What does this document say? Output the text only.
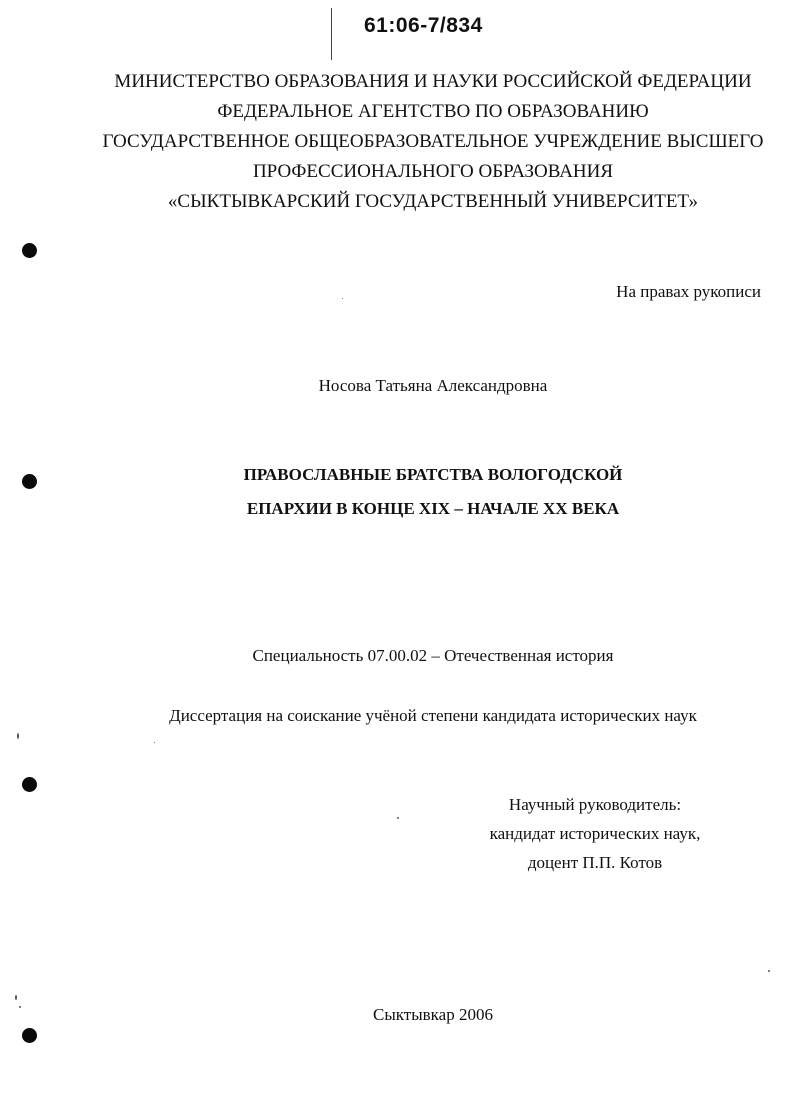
61:06-7/834
МИНИСТЕРСТВО ОБРАЗОВАНИЯ И НАУКИ РОССИЙСКОЙ ФЕДЕРАЦИИ
ФЕДЕРАЛЬНОЕ АГЕНТСТВО ПО ОБРАЗОВАНИЮ
ГОСУДАРСТВЕННОЕ ОБЩЕОБРАЗОВАТЕЛЬНОЕ УЧРЕЖДЕНИЕ ВЫСШЕГО
ПРОФЕССИОНАЛЬНОГО ОБРАЗОВАНИЯ
«СЫКТЫВКАРСКИЙ ГОСУДАРСТВЕННЫЙ УНИВЕРСИТЕТ»
На правах рукописи
Носова Татьяна Александровна
ПРАВОСЛАВНЫЕ БРАТСТВА ВОЛОГОДСКОЙ
ЕПАРХИИ В КОНЦЕ XIX – НАЧАЛЕ XX ВЕКА
Специальность 07.00.02 – Отечественная история
Диссертация на соискание учёной степени кандидата исторических наук
Научный руководитель:
кандидат исторических наук,
доцент П.П. Котов
Сыктывкар 2006
